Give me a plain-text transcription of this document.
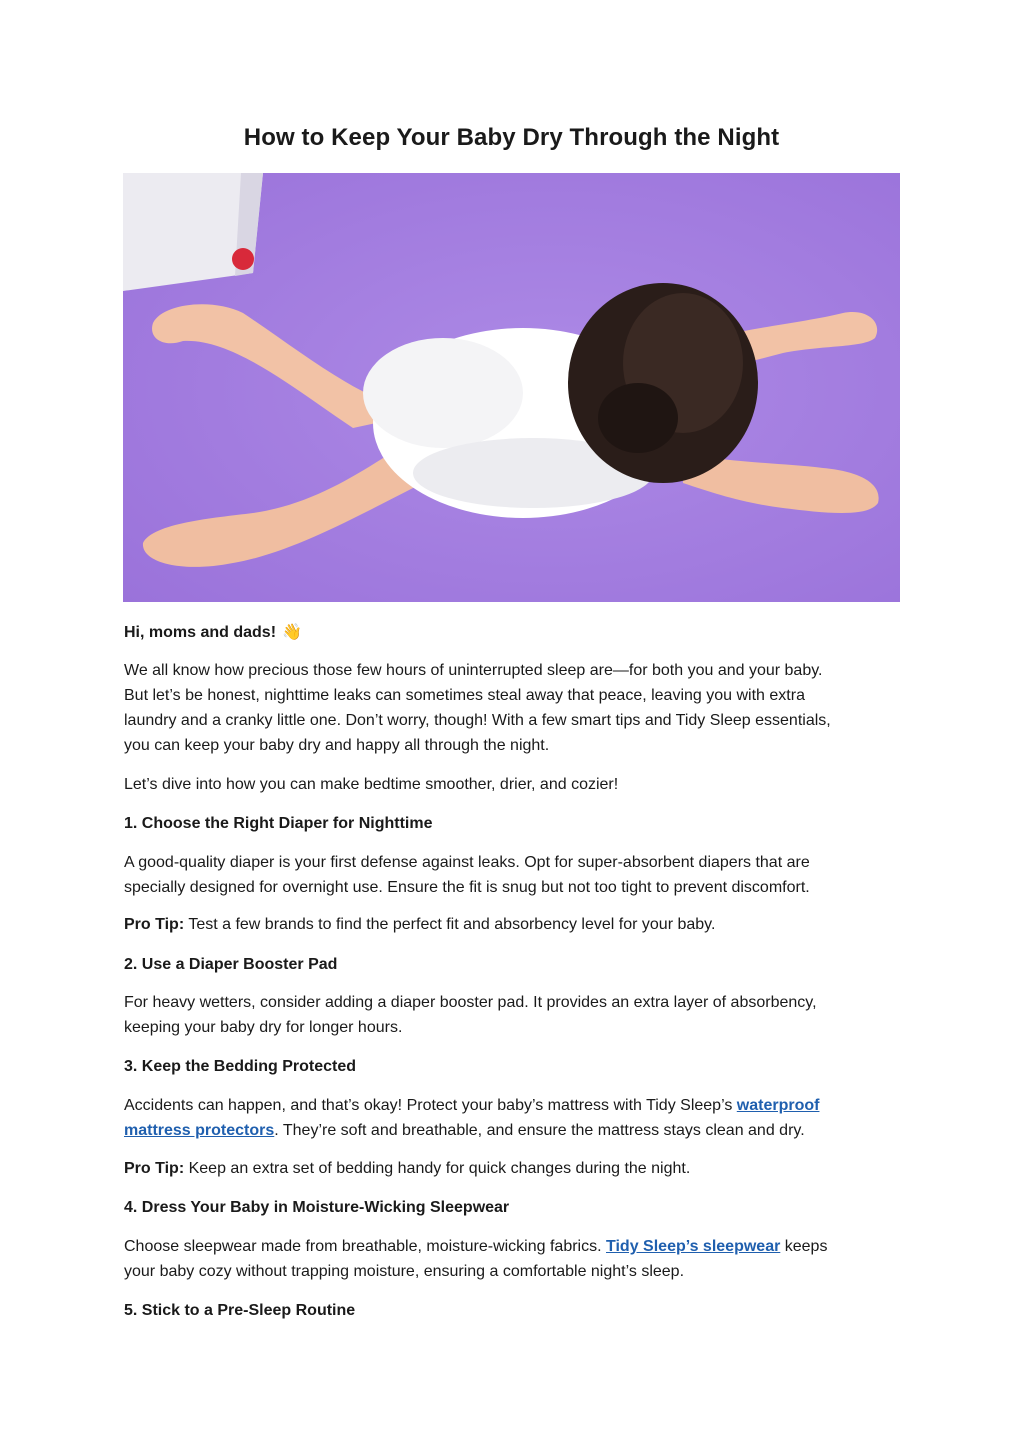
How to Keep Your Baby Dry Through the Night

Hi, moms and dads! 👋

We all know how precious those few hours of uninterrupted sleep are—for both you and your baby.

But let’s be honest, nighttime leaks can sometimes steal away that peace, leaving you with extra

laundry and a cranky little one. Don’t worry, though! With a few smart tips and Tidy Sleep essentials,

you can keep your baby dry and happy all through the night.

Let’s dive into how you can make bedtime smoother, drier, and cozier!

1. Choose the Right Diaper for Nighttime

A good-quality diaper is your first defense against leaks. Opt for super-absorbent diapers that are

specially designed for overnight use. Ensure the fit is snug but not too tight to prevent discomfort.

Pro Tip: Test a few brands to find the perfect fit and absorbency level for your baby.

2. Use a Diaper Booster Pad

For heavy wetters, consider adding a diaper booster pad. It provides an extra layer of absorbency,

keeping your baby dry for longer hours.

3. Keep the Bedding Protected

Accidents can happen, and that’s okay! Protect your baby’s mattress with Tidy Sleep’s waterproof

mattress protectors. They’re soft and breathable, and ensure the mattress stays clean and dry.

Pro Tip: Keep an extra set of bedding handy for quick changes during the night.

4. Dress Your Baby in Moisture-Wicking Sleepwear

Choose sleepwear made from breathable, moisture-wicking fabrics. Tidy Sleep’s sleepwear keeps

your baby cozy without trapping moisture, ensuring a comfortable night’s sleep.

5. Stick to a Pre-Sleep Routine
